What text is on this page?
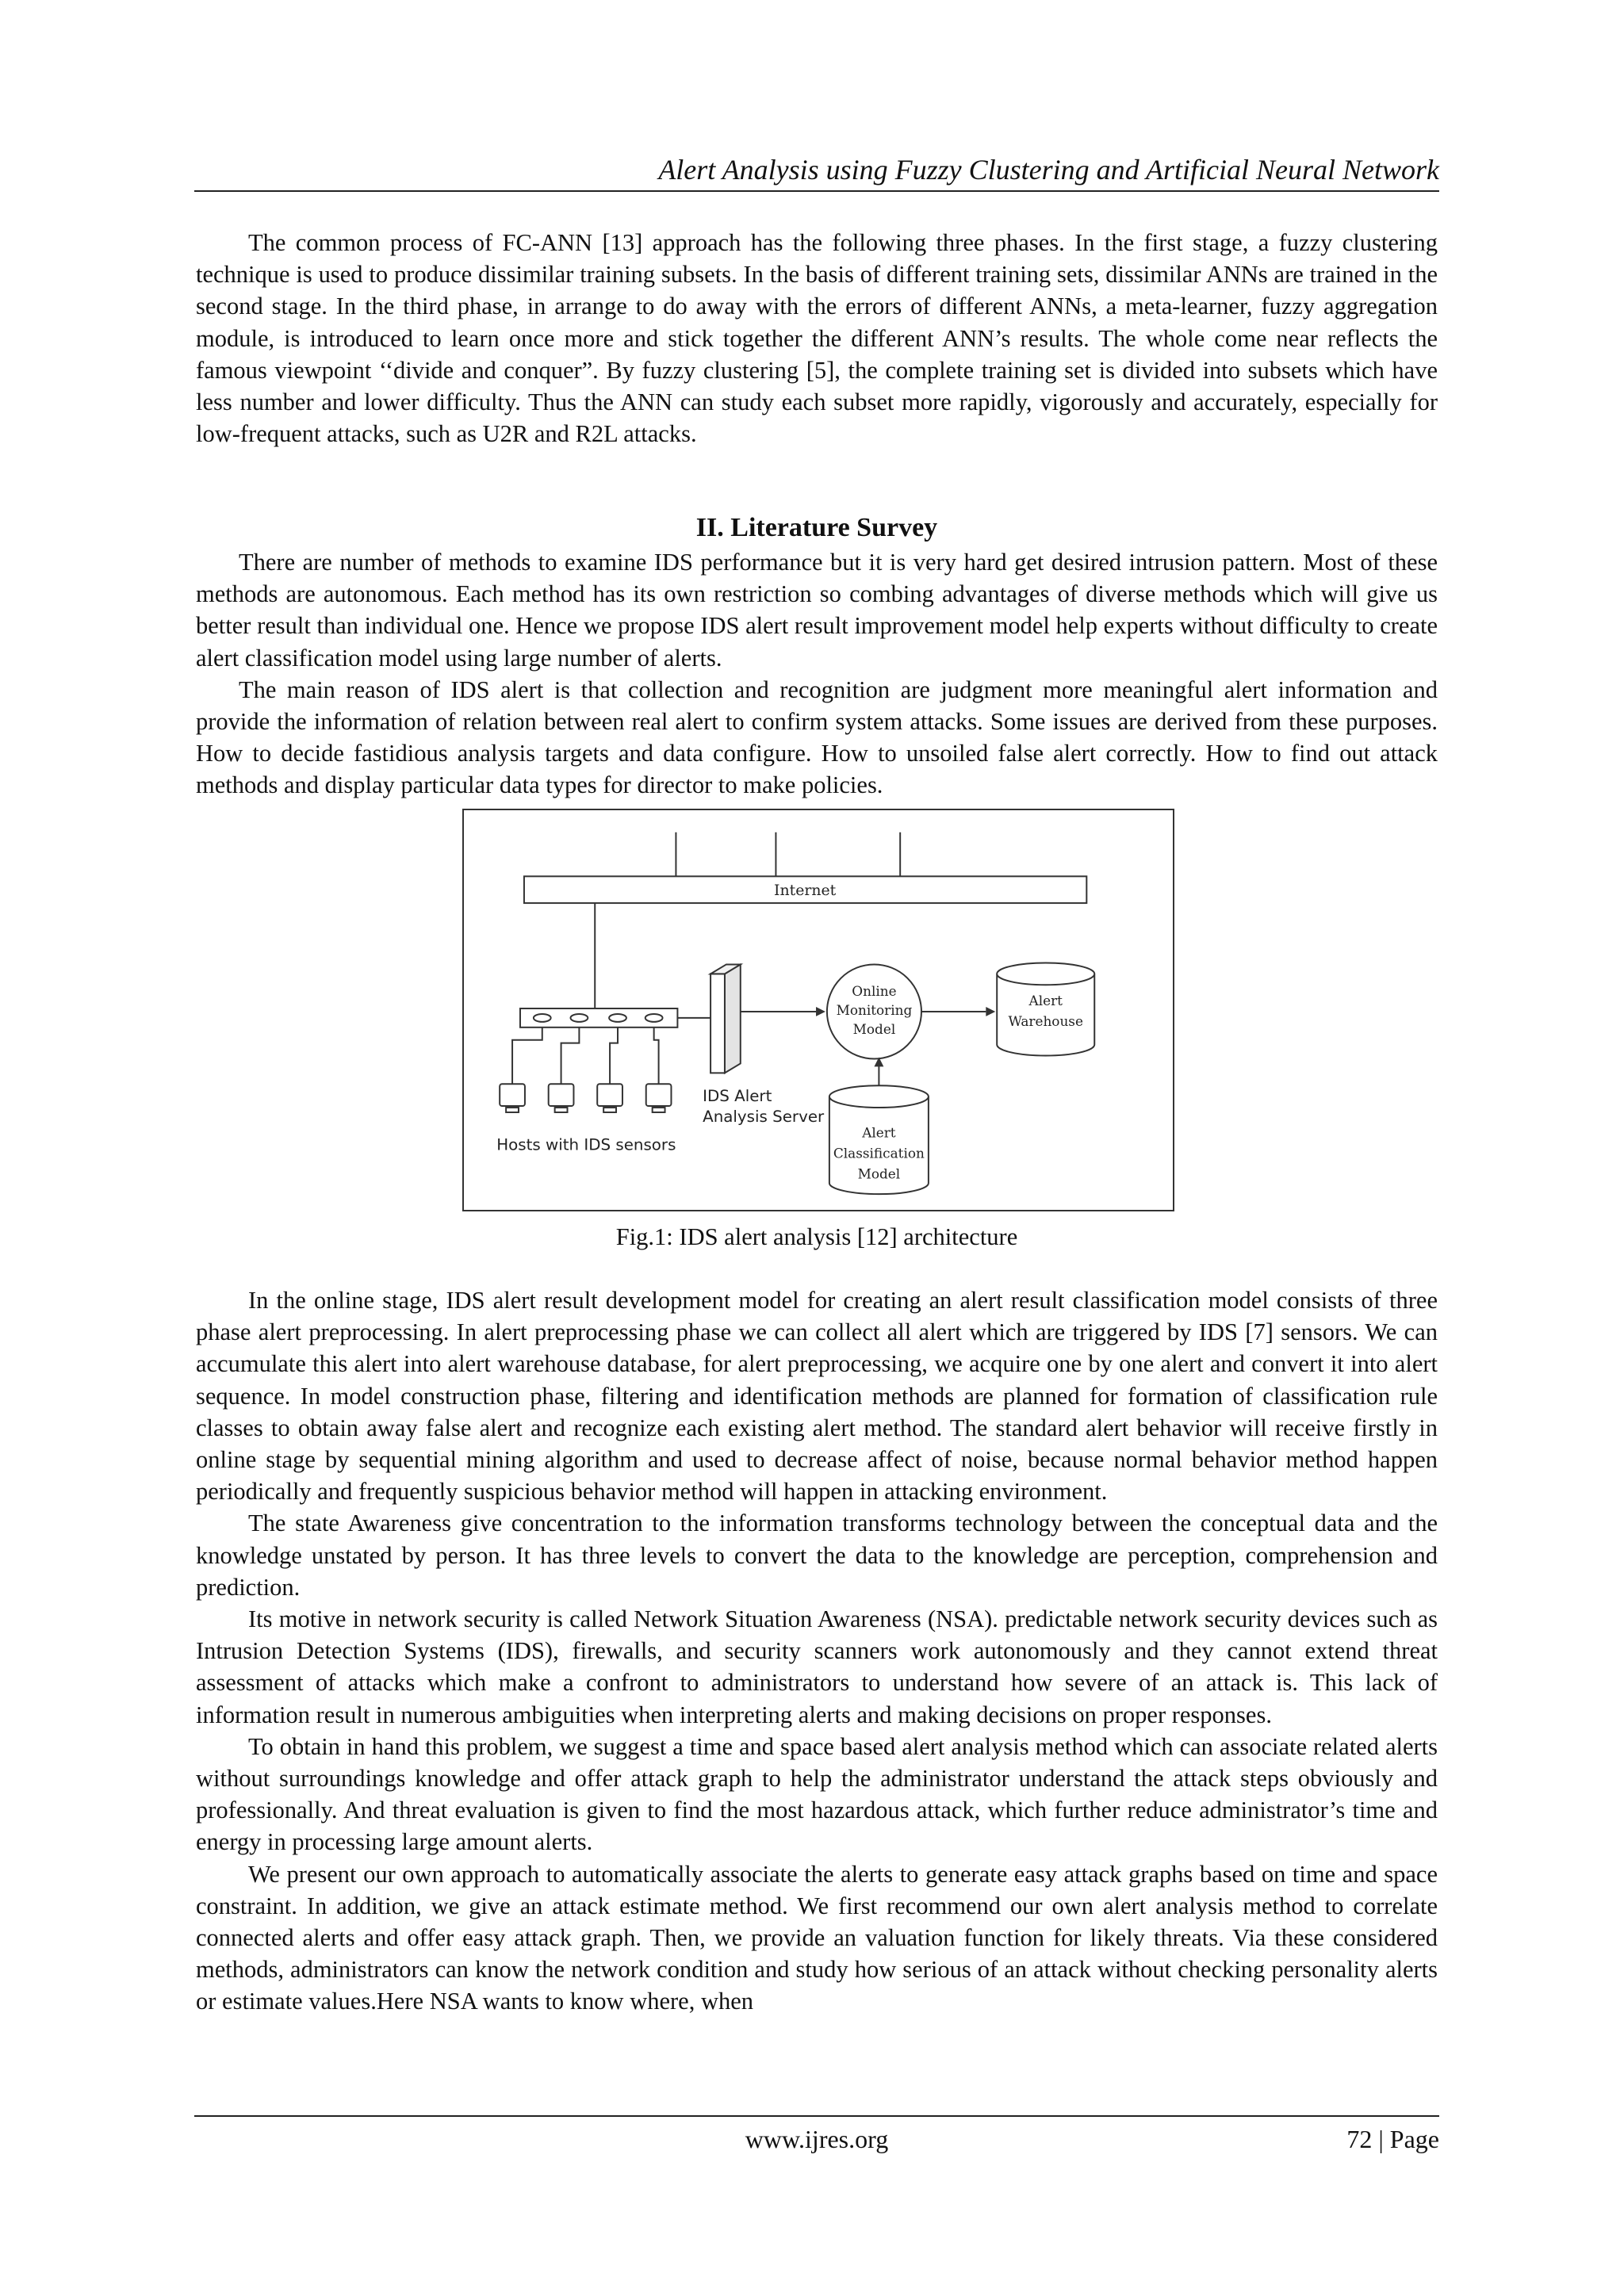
Alert Analysis using Fuzzy Clustering and Artificial Neural Network

The common process of FC-ANN [13] approach has the following three phases. In the first stage, a fuzzy clustering technique is used to produce dissimilar training subsets. In the basis of different training sets, dissimilar ANNs are trained in the second stage. In the third phase, in arrange to do away with the errors of different ANNs, a meta-learner, fuzzy aggregation module, is introduced to learn once more and stick together the different ANN’s results. The whole come near reflects the famous viewpoint ‘‘divide and conquer”. By fuzzy clustering [5], the complete training set is divided into subsets which have less number and lower difficulty. Thus the ANN can study each subset more rapidly, vigorously and accurately, especially for low-frequent attacks, such as U2R and R2L attacks.

II. Literature Survey

There are number of methods to examine IDS performance but it is very hard get desired intrusion pattern. Most of these methods are autonomous. Each method has its own restriction so combing advantages of diverse methods which will give us better result than individual one. Hence we propose IDS alert result improvement model help experts without difficulty to create alert classification model using large number of alerts.

The main reason of IDS alert is that collection and recognition are judgment more meaningful alert information and provide the information of relation between real alert to confirm system attacks. Some issues are derived from these purposes. How to decide fastidious analysis targets and data configure. How to unsoiled false alert correctly. How to find out attack methods and display particular data types for director to make policies.

Internet
Hosts with IDS sensors
IDS Alert
Analysis Server
Online
Monitoring
Model
Alert
Warehouse
Alert
Classification
Model
Fig.1: IDS alert analysis [12] architecture

In the online stage, IDS alert result development model for creating an alert result classification model consists of three phase alert preprocessing. In alert preprocessing phase we can collect all alert which are triggered by IDS [7] sensors. We can accumulate this alert into alert warehouse database, for alert preprocessing, we acquire one by one alert and convert it into alert sequence. In model construction phase, filtering and identification methods are planned for formation of classification rule classes to obtain away false alert and recognize each existing alert method. The standard alert behavior will receive firstly in online stage by sequential mining algorithm and used to decrease affect of noise, because normal behavior method happen periodically and frequently suspicious behavior method will happen in attacking environment.

The state Awareness give concentration to the information transforms technology between the conceptual data and the knowledge unstated by person. It has three levels to convert the data to the knowledge are perception, comprehension and prediction.

Its motive in network security is called Network Situation Awareness (NSA). predictable network security devices such as Intrusion Detection Systems (IDS), firewalls, and security scanners work autonomously and they cannot extend threat assessment of attacks which make a confront to administrators to understand how severe of an attack is. This lack of information result in numerous ambiguities when interpreting alerts and making decisions on proper responses.

To obtain in hand this problem, we suggest a time and space based alert analysis method which can associate related alerts without surroundings knowledge and offer attack graph to help the administrator understand the attack steps obviously and professionally. And threat evaluation is given to find the most hazardous attack, which further reduce administrator’s time and energy in processing large amount alerts.

We present our own approach to automatically associate the alerts to generate easy attack graphs based on time and space constraint. In addition, we give an attack estimate method. We first recommend our own alert analysis method to correlate connected alerts and offer easy attack graph. Then, we provide an valuation function for likely threats. Via these considered methods, administrators can know the network condition and study how serious of an attack without checking personality alerts or estimate values.Here NSA wants to know where, when

www.ijres.org	72 | Page
